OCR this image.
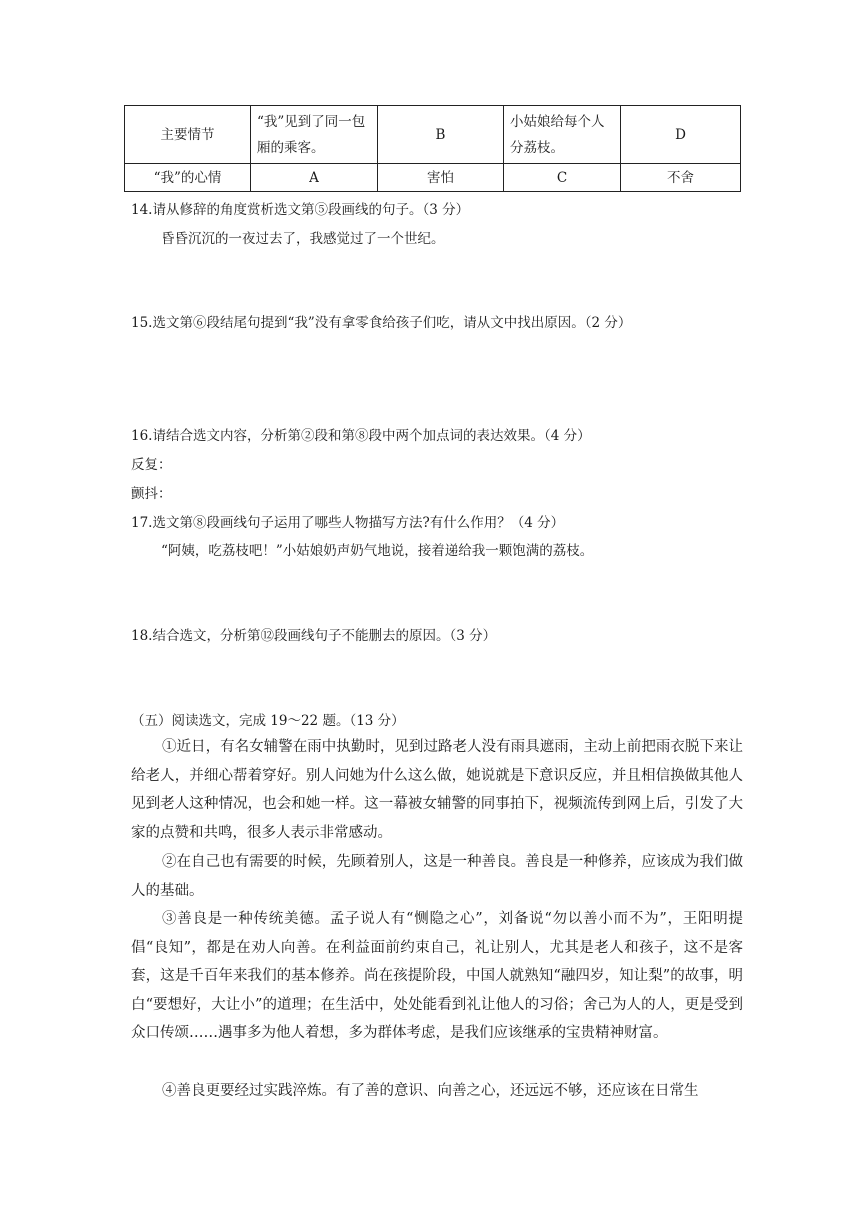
主要情节	“我”见到了同一包厢的乘客。	B	小姑娘给每个人分荔枝。	D
“我”的心情	A	害怕	C	不舍
14.请从修辞的角度赏析选文第⑤段画线的句子。（3 分）
昏昏沉沉的一夜过去了，我感觉过了一个世纪。
15.选文第⑥段结尾句提到“我”没有拿零食给孩子们吃，请从文中找出原因。（2 分）
16.请结合选文内容，分析第②段和第⑧段中两个加点词的表达效果。（4 分）
反复：
颤抖：
17.选文第⑧段画线句子运用了哪些人物描写方法?有什么作用？（4 分）
“阿姨，吃荔枝吧！”小姑娘奶声奶气地说，接着递给我一颗饱满的荔枝。
18.结合选文，分析第⑫段画线句子不能删去的原因。（3 分）
（五）阅读选文，完成 19～22 题。（13 分）
①近日，有名女辅警在雨中执勤时，见到过路老人没有雨具遮雨，主动上前把雨衣脱下来让给老人，并细心帮着穿好。别人问她为什么这么做，她说就是下意识反应，并且相信换做其他人见到老人这种情况，也会和她一样。这一幕被女辅警的同事拍下，视频流传到网上后，引发了大家的点赞和共鸣，很多人表示非常感动。
②在自己也有需要的时候，先顾着别人，这是一种善良。善良是一种修养，应该成为我们做人的基础。
③善良是一种传统美德。孟子说人有“恻隐之心”，刘备说“勿以善小而不为”，王阳明提倡“良知”，都是在劝人向善。在利益面前约束自己，礼让别人，尤其是老人和孩子，这不是客套，这是千百年来我们的基本修养。尚在孩提阶段，中国人就熟知“融四岁，知让梨”的故事，明白“要想好，大让小”的道理；在生活中，处处能看到礼让他人的习俗；舍己为人的人，更是受到众口传颂……遇事多为他人着想，多为群体考虑，是我们应该继承的宝贵精神财富。
④善良更要经过实践淬炼。有了善的意识、向善之心，还远远不够，还应该在日常生
